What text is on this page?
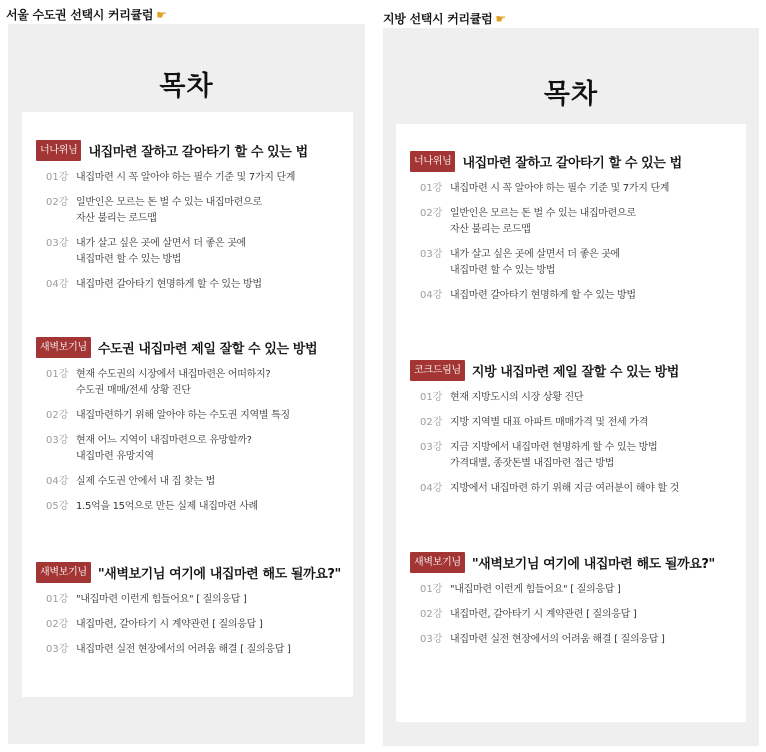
서울 수도권 선택시 커리큘럼 ☛
목차
너나위님 내집마련 잘하고 갈아타기 할 수 있는 법
01강 내집마련 시 꼭 알아야 하는 필수 기준 및 7가지 단계
02강 일반인은 모르는 돈 벌 수 있는 내집마련으로
자산 불리는 로드맵
03강 내가 살고 싶은 곳에 살면서 더 좋은 곳에
내집마련 할 수 있는 방법
04강 내집마련 갈아타기 현명하게 할 수 있는 방법
새벽보기님 수도권 내집마련 제일 잘할 수 있는 방법
01강 현재 수도권의 시장에서 내집마련은 어떠하지?
수도권 매매/전세 상황 진단
02강 내집마련하기 위해 알아야 하는 수도권 지역별 특징
03강 현재 어느 지역이 내집마련으로 유망할까?
내집마련 유망지역
04강 실제 수도권 안에서 내 집 찾는 법
05강 1.5억을 15억으로 만든 실제 내집마련 사례
새벽보기님 "새벽보기님 여기에 내집마련 해도 될까요?"
01강 "내집마련 이런게 힘들어요" [ 질의응답 ]
02강 내집마련, 갈아타기 시 계약관련 [ 질의응답 ]
03강 내집마련 실전 현장에서의 어려움 해결 [ 질의응답 ]
지방 선택시 커리큘럼 ☛
목차
너나위님 내집마련 잘하고 갈아타기 할 수 있는 법
01강 내집마련 시 꼭 알아야 하는 필수 기준 및 7가지 단계
02강 일반인은 모르는 돈 벌 수 있는 내집마련으로
자산 불리는 로드맵
03강 내가 살고 싶은 곳에 살면서 더 좋은 곳에
내집마련 할 수 있는 방법
04강 내집마련 갈아타기 현명하게 할 수 있는 방법
코크드림님 지방 내집마련 제일 잘할 수 있는 방법
01강 현재 지방도시의 시장 상황 진단
02강 지방 지역별 대표 아파트 매매가격 및 전세 가격
03강 지금 지방에서 내집마련 현명하게 할 수 있는 방법
가격대별, 종잣돈별 내집마련 접근 방법
04강 지방에서 내집마련 하기 위해 지금 여러분이 해야 할 것
새벽보기님 "새벽보기님 여기에 내집마련 해도 될까요?"
01강 "내집마련 이런게 힘들어요" [ 질의응답 ]
02강 내집마련, 갈아타기 시 계약관련 [ 질의응답 ]
03강 내집마련 실전 현장에서의 어려움 해결 [ 질의응답 ]
